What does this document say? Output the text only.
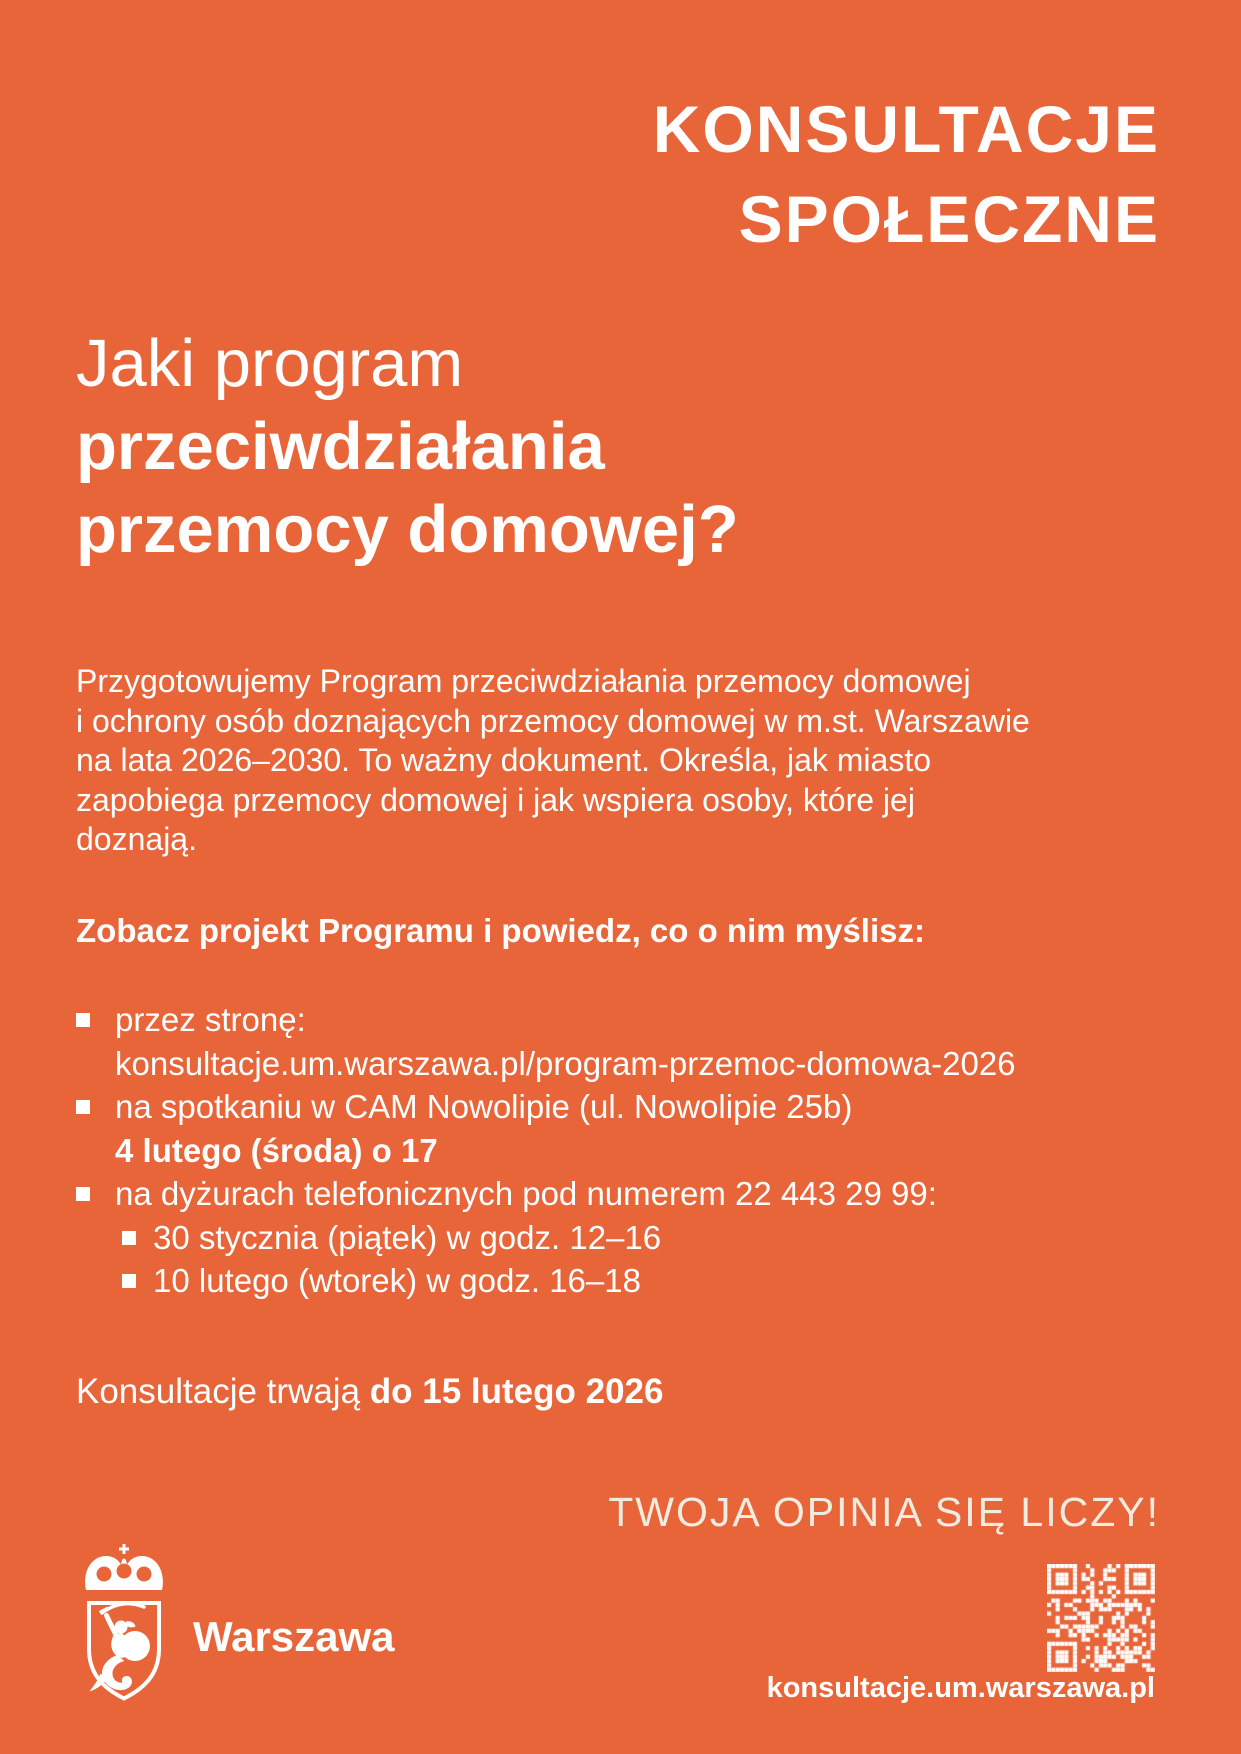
KONSULTACJE
SPOŁECZNE
Jaki program
przeciwdziałania
przemocy domowej?
Przygotowujemy Program przeciwdziałania przemocy domowej
i ochrony osób doznających przemocy domowej w m.st. Warszawie
na lata 2026–2030. To ważny dokument. Określa, jak miasto
zapobiega przemocy domowej i jak wspiera osoby, które jej
doznają.
Zobacz projekt Programu i powiedz, co o nim myślisz:
przez stronę:
konsultacje.um.warszawa.pl/program-przemoc-domowa-2026
na spotkaniu w CAM Nowolipie (ul. Nowolipie 25b)
4 lutego (środa) o 17
na dyżurach telefonicznych pod numerem 22 443 29 99:
30 stycznia (piątek) w godz. 12–16
10 lutego (wtorek) w godz. 16–18
Konsultacje trwają do 15 lutego 2026
TWOJA OPINIA SIĘ LICZY!
Warszawa
konsultacje.um.warszawa.pl
